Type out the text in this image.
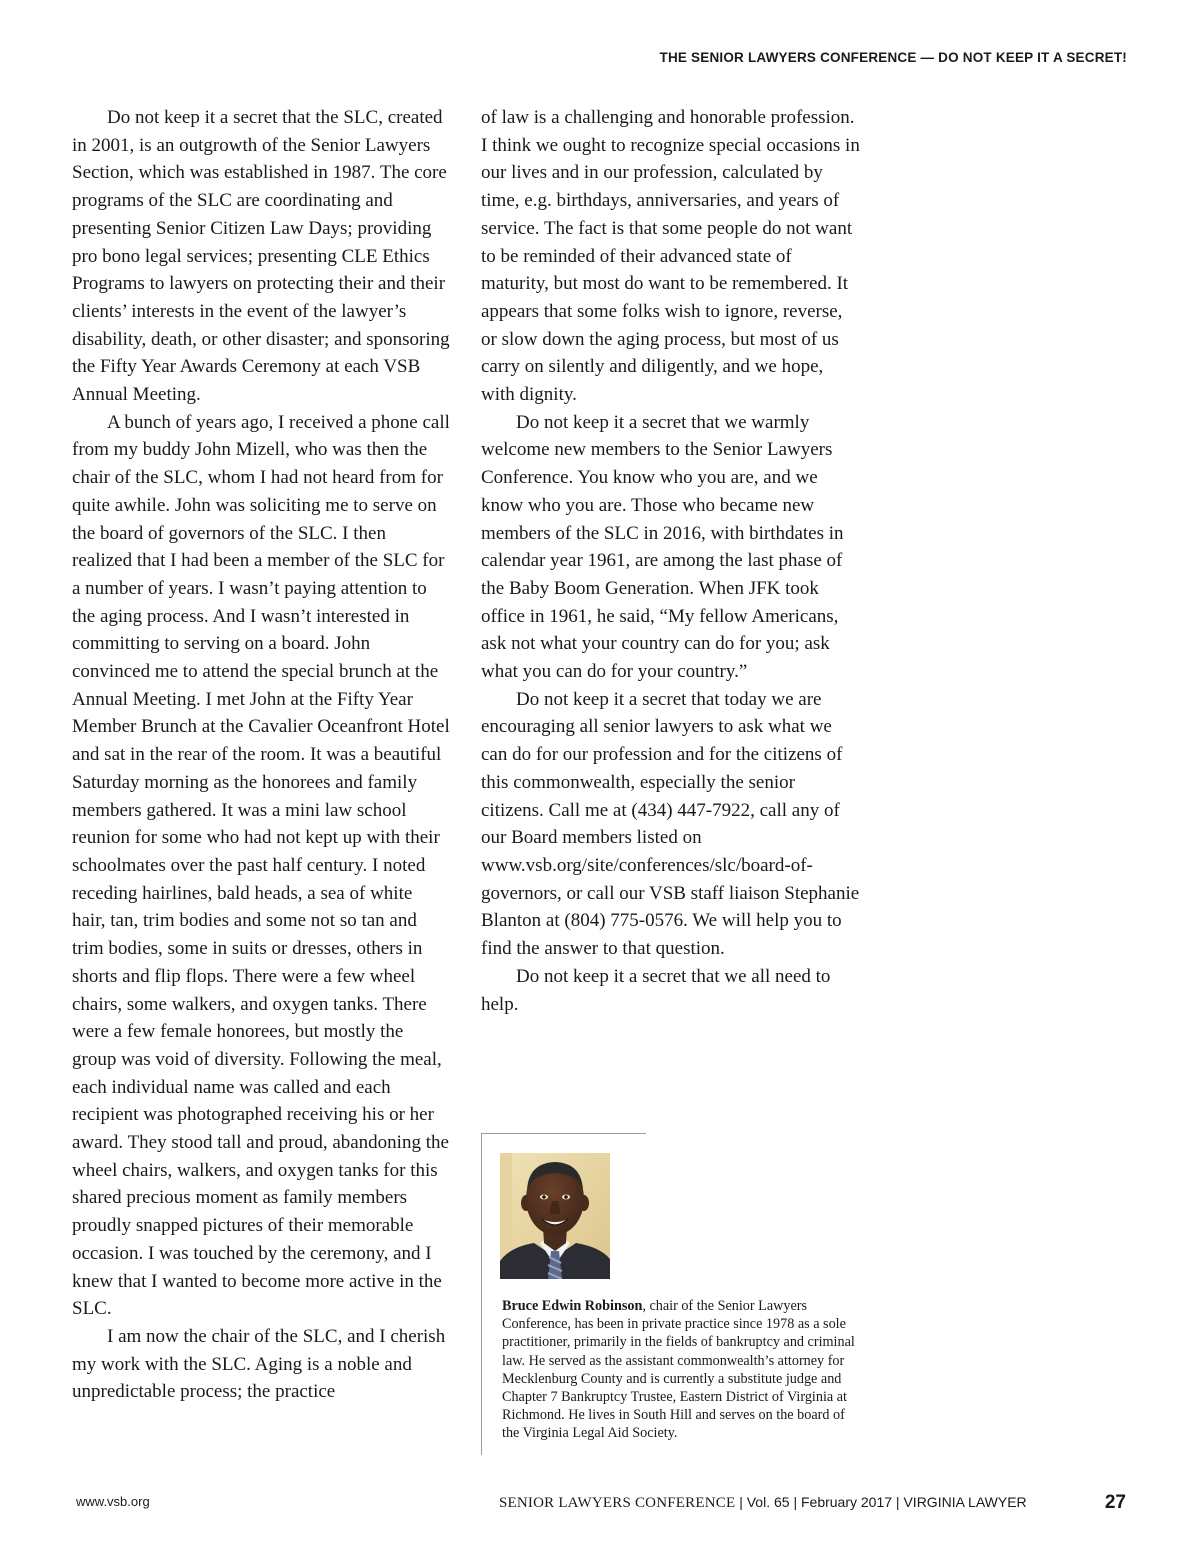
THE SENIOR LAWYERS CONFERENCE — DO NOT KEEP IT A SECRET!

Do not keep it a secret that the SLC, created in 2001, is an outgrowth of the Senior Lawyers Section, which was established in 1987. The core programs of the SLC are coordinating and presenting Senior Citizen Law Days; providing pro bono legal services; presenting CLE Ethics Programs to lawyers on protecting their and their clients’ interests in the event of the lawyer’s disability, death, or other disaster; and sponsoring the Fifty Year Awards Ceremony at each VSB Annual Meeting.

A bunch of years ago, I received a phone call from my buddy John Mizell, who was then the chair of the SLC, whom I had not heard from for quite awhile. John was soliciting me to serve on the board of governors of the SLC. I then realized that I had been a member of the SLC for a number of years. I wasn’t paying attention to the aging process. And I wasn’t interested in committing to serving on a board. John convinced me to attend the special brunch at the Annual Meeting. I met John at the Fifty Year Member Brunch at the Cavalier Oceanfront Hotel and sat in the rear of the room. It was a beautiful Saturday morning as the honorees and family members gathered. It was a mini law school reunion for some who had not kept up with their schoolmates over the past half century. I noted receding hairlines, bald heads, a sea of white hair, tan, trim bodies and some not so tan and trim bodies, some in suits or dresses, others in shorts and flip flops. There were a few wheel chairs, some walkers, and oxygen tanks. There were a few female honorees, but mostly the group was void of diversity. Following the meal, each individual name was called and each recipient was photographed receiving his or her award. They stood tall and proud, abandoning the wheel chairs, walkers, and oxygen tanks for this shared precious moment as family members proudly snapped pictures of their memorable occasion. I was touched by the ceremony, and I knew that I wanted to become more active in the SLC.

I am now the chair of the SLC, and I cherish my work with the SLC. Aging is a noble and unpredictable process; the practice

of law is a challenging and honorable profession. I think we ought to recognize special occasions in our lives and in our profession, calculated by time, e.g. birthdays, anniversaries, and years of service. The fact is that some people do not want to be reminded of their advanced state of maturity, but most do want to be remembered. It appears that some folks wish to ignore, reverse, or slow down the aging process, but most of us carry on silently and diligently, and we hope, with dignity.

Do not keep it a secret that we warmly welcome new members to the Senior Lawyers Conference. You know who you are, and we know who you are. Those who became new members of the SLC in 2016, with birthdates in calendar year 1961, are among the last phase of the Baby Boom Generation. When JFK took office in 1961, he said, “My fellow Americans, ask not what your country can do for you; ask what you can do for your country.”

Do not keep it a secret that today we are encouraging all senior lawyers to ask what we can do for our profession and for the citizens of this commonwealth, especially the senior citizens. Call me at (434) 447-7922, call any of our Board members listed on www.vsb.org/site/conferences/slc/board-of-governors, or call our VSB staff liaison Stephanie Blanton at (804) 775-0576. We will help you to find the answer to that question.

Do not keep it a secret that we all need to help.

Bruce Edwin Robinson, chair of the Senior Lawyers Conference, has been in private practice since 1978 as a sole practitioner, primarily in the fields of bankruptcy and criminal law. He served as the assistant commonwealth’s attorney for Mecklenburg County and is currently a substitute judge and Chapter 7 Bankruptcy Trustee, Eastern District of Virginia at Richmond. He lives in South Hill and serves on the board of the Virginia Legal Aid Society.
www.vsb.org	SENIOR LAWYERS CONFERENCE | Vol. 65 | February 2017 | VIRGINIA LAWYER	27
